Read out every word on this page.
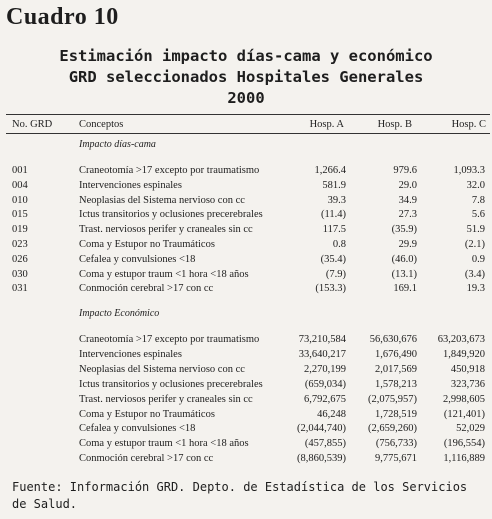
Cuadro 10
Estimación impacto días-cama y económico
GRD seleccionados Hospitales Generales
2000
No. GRD	Conceptos	Hosp. A	Hosp. B	Hosp. C
Impacto días-cama
001	Craneotomía >17 excepto por traumatismo	1,266.4	979.6	1,093.3
004	Intervenciones espinales	581.9	29.0	32.0
010	Neoplasias del Sistema nervioso con cc	39.3	34.9	7.8
015	Ictus transitorios y oclusiones precerebrales	(11.4)	27.3	5.6
019	Trast. nerviosos perifer y craneales sin cc	117.5	(35.9)	51.9
023	Coma y Estupor no Traumáticos	0.8	29.9	(2.1)
026	Cefalea y convulsiones <18	(35.4)	(46.0)	0.9
030	Coma y estupor traum <1 hora <18 años	(7.9)	(13.1)	(3.4)
031	Conmoción cerebral >17 con cc	(153.3)	169.1	19.3
Impacto Económico
Craneotomía >17 excepto por traumatismo	73,210,584 56,630,676 63,203,673
Intervenciones espinales	33,640,217	1,676,490 1,849,920
Neoplasias del Sistema nervioso con cc	2,270,199	2,017,569	450,918
Ictus transitorios y oclusiones precerebrales	(659,034)	1,578,213	323,736
Trast. nerviosos perifer y craneales sin cc	6,792,675 (2,075,957) 2,998,605
Coma y Estupor no Traumáticos	46,248	1,728,519	(121,401)
Cefalea y convulsiones <18	(2,044,740) (2,659,260)	52,029
Coma y estupor traum <1 hora <18 años	(457,855)	(756,733)	(196,554)
Conmoción cerebral >17 con cc	(8,860,539)	9,775,671	1,116,889
Fuente: Información GRD. Depto. de Estadística de los Servicios de Salud.
